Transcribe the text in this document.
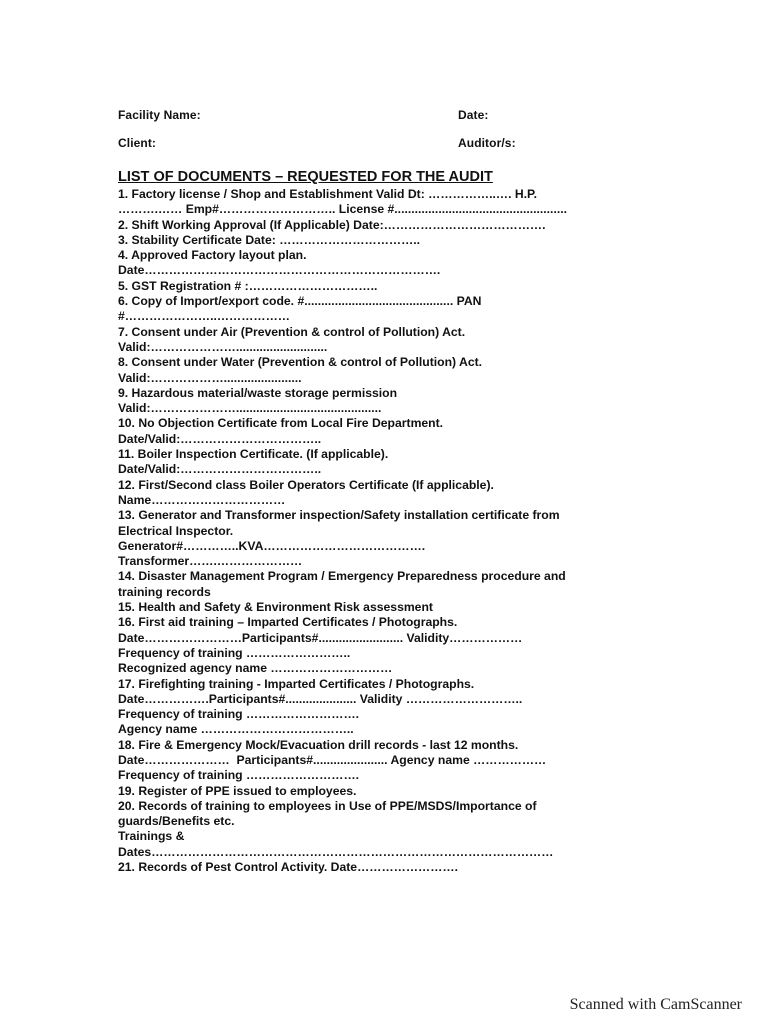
Facility Name:	Date:
Client:	Auditor/s:
LIST OF DOCUMENTS – REQUESTED FOR THE AUDIT
1. Factory license / Shop and Establishment Valid Dt: ……………..…. H.P.
……….…… Emp#……………………….. License #...................................................
2. Shift Working Approval (If Applicable) Date:………………………………….
3. Stability Certificate Date: ……………………………..
4. Approved Factory layout plan.
Date……………………………………………………………….
5. GST Registration # :…………………………..
6. Copy of Import/export code. #............................................ PAN
#…………………..………………
7. Consent under Air (Prevention & control of Pollution) Act.
Valid:…………………...........................
8. Consent under Water (Prevention & control of Pollution) Act.
Valid:……………….......................
9. Hazardous material/waste storage permission
Valid:…………………...........................................
10. No Objection Certificate from Local Fire Department.
Date/Valid:……………………………..
11. Boiler Inspection Certificate. (If applicable).
Date/Valid:……………………………..
12. First/Second class Boiler Operators Certificate (If applicable).
Name……………………………
13. Generator and Transformer inspection/Safety installation certificate from
Electrical Inspector.
Generator#…………..KVA………………………………….
Transformer…….…………………
14. Disaster Management Program / Emergency Preparedness procedure and
training records
15. Health and Safety & Environment Risk assessment
16. First aid training – Imparted Certificates / Photographs.
Date……………………Participants#......................... Validity………………
Frequency of training ……………………..
Recognized agency name …………………………
17. Firefighting training - Imparted Certificates / Photographs.
Date…………….Participants#..................... Validity ………………………..
Frequency of training ……………………….
Agency name ………………………………..
18. Fire & Emergency Mock/Evacuation drill records - last 12 months.
Date…………………  Participants#...................... Agency name ………………
Frequency of training ……………………….
19. Register of PPE issued to employees.
20. Records of training to employees in Use of PPE/MSDS/Importance of
guards/Benefits etc.
Trainings &
Dates………………………………………………………………………………………
21. Records of Pest Control Activity. Date…………………….
Scanned with CamScanner
